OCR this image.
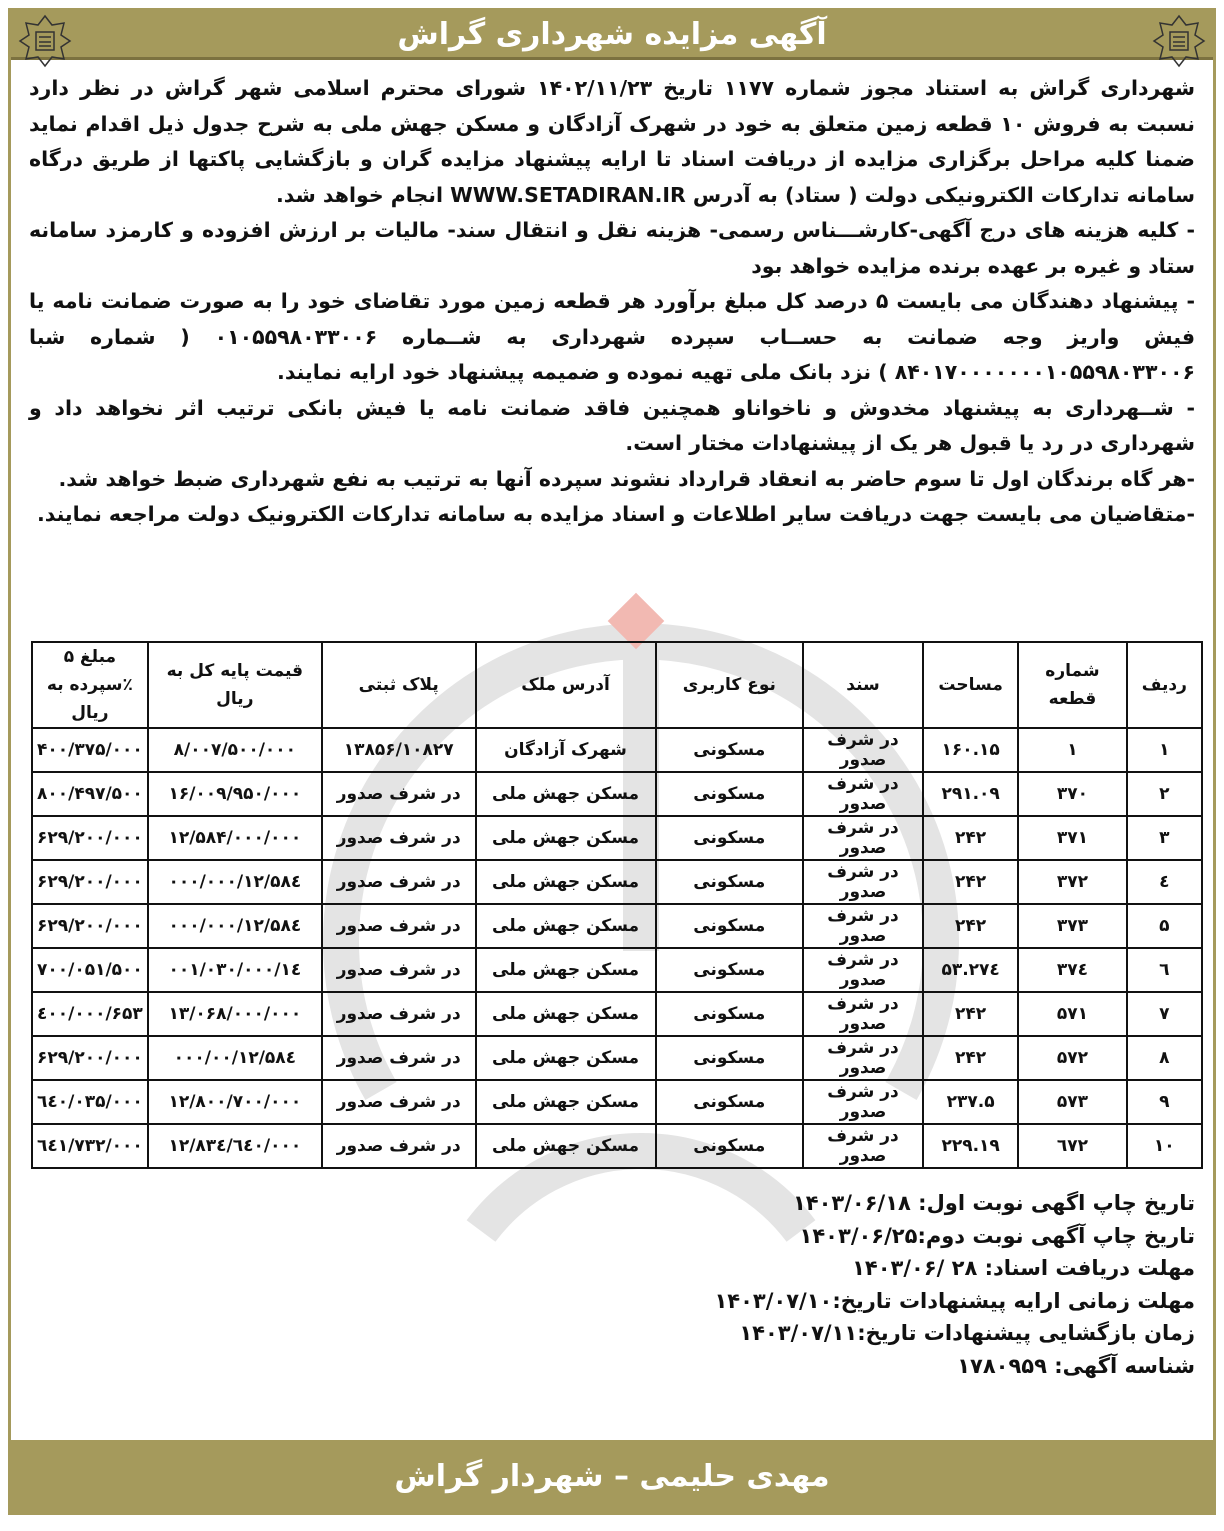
آگهی مزایده شهرداری گراش

شهرداری گراش به استناد مجوز شماره ۱۱۷۷ تاریخ ۱۴۰۲/۱۱/۲۳ شورای محترم اسلامی شهر گراش در نظر دارد نسبت به فروش ۱۰ قطعه زمین متعلق به خود در شهرک آزادگان و مسکن جهش ملی به شرح جدول ذیل اقدام نماید ضمنا کلیه مراحل برگزاری مزایده از دریافت اسناد تا ارایه پیشنهاد مزایده گران و بازگشایی پاکتها از طریق درگاه سامانه تدارکات الکترونیکی دولت ( ستاد) به آدرس WWW.SETADIRAN.IR انجام خواهد شد.

- کلیه هزینه های درج آگهی-کارشـــناس رسمی- هزینه نقل و انتقال سند- مالیات بر ارزش افزوده و کارمزد سامانه ستاد و غیره بر عهده برنده مزایده خواهد بود

- پیشنهاد دهندگان می بایست ۵ درصد کل مبلغ برآورد هر قطعه زمین مورد تقاضای خود را به صورت ضمانت نامه یا فیش واریز وجه ضمانت به حســاب سپرده شهرداری به شــماره ۰۱۰۵۵۹۸۰۳۳۰۰۶ ( شماره شبا ۸۴۰۱۷۰۰۰۰۰۰۰۱۰۵۵۹۸۰۳۳۰۰۶ ) نزد بانک ملی تهیه نموده و ضمیمه پیشنهاد خود ارایه نمایند.

- شــهرداری به پیشنهاد مخدوش و ناخواناو همچنین فاقد ضمانت نامه یا فیش بانکی ترتیب اثر نخواهد داد و شهرداری در رد یا قبول هر یک از پیشنهادات مختار است.

-هر گاه برندگان اول تا سوم حاضر به انعقاد قرارداد نشوند سپرده آنها به ترتیب به نفع شهرداری ضبط خواهد شد.

-متقاضیان می بایست جهت دریافت سایر اطلاعات و اسناد مزایده به سامانه تدارکات الکترونیک دولت مراجعه نمایند.

ردیف	شماره قطعه	مساحت	سند	نوع کاربری	آدرس ملک	پلاک ثبتی	قیمت پایه کل به ریال	مبلغ ۵ ٪سپرده به ریال
۱	۱	۱۶۰.۱۵	در شرف صدور	مسکونی	شهرک آزادگان	۱۳۸۵۶/۱۰۸۲۷	۸/۰۰۷/۵۰۰/۰۰۰	۴۰۰/۳۷۵/۰۰۰
۲	۳۷۰	۲۹۱.۰۹	در شرف صدور	مسکونی	مسکن جهش ملی	در شرف صدور	۱۶/۰۰۹/۹۵۰/۰۰۰	۸۰۰/۴۹۷/۵۰۰
۳	۳۷۱	۲۴۲	در شرف صدور	مسکونی	مسکن جهش ملی	در شرف صدور	۱۲/۵۸۴/۰۰۰/۰۰۰	۶۲۹/۲۰۰/۰۰۰
٤	۳۷۲	۲۴۲	در شرف صدور	مسکونی	مسکن جهش ملی	در شرف صدور	۱۲/۵۸٤/۰۰۰/۰۰۰	۶۲۹/۲۰۰/۰۰۰
۵	۳۷۳	۲۴۲	در شرف صدور	مسکونی	مسکن جهش ملی	در شرف صدور	۱۲/۵۸٤/۰۰۰/۰۰۰	۶۲۹/۲۰۰/۰۰۰
٦	۳۷٤	۲۷٤.۵۳	در شرف صدور	مسکونی	مسکن جهش ملی	در شرف صدور	۱٤/۰۰۱/۰۳۰/۰۰۰	۷۰۰/۰۵۱/۵۰۰
۷	۵۷۱	۲۴۲	در شرف صدور	مسکونی	مسکن جهش ملی	در شرف صدور	۱۳/۰۶۸/۰۰۰/۰۰۰	۶۵۳/٤۰۰/۰۰۰
۸	۵۷۲	۲۴۲	در شرف صدور	مسکونی	مسکن جهش ملی	در شرف صدور	۱۲/۵۸٤/۰۰۰/۰۰	۶۲۹/۲۰۰/۰۰۰
۹	۵۷۳	۲۳۷.۵	در شرف صدور	مسکونی	مسکن جهش ملی	در شرف صدور	۱۲/۸۰۰/۷۰۰/۰۰۰	٦٤۰/۰۳۵/۰۰۰
۱۰	٦۷۲	۲۲۹.۱۹	در شرف صدور	مسکونی	مسکن جهش ملی	در شرف صدور	۱۲/۸۳٤/٦٤۰/۰۰۰	٦٤۱/۷۳۲/۰۰۰
تاریخ چاپ اگهی نوبت اول: ۱۴۰۳/۰۶/۱۸
تاریخ چاپ آگهی نوبت دوم:۱۴۰۳/۰۶/۲۵
مهلت دریافت اسناد: ۲۸ /۱۴۰۳/۰۶
مهلت زمانی ارایه پیشنهادات تاریخ:۱۴۰۳/۰۷/۱۰
زمان بازگشایی پیشنهادات تاریخ:۱۴۰۳/۰۷/۱۱
شناسه آگهی: ۱۷۸۰۹۵۹
مهدی حلیمی – شهردار گراش
